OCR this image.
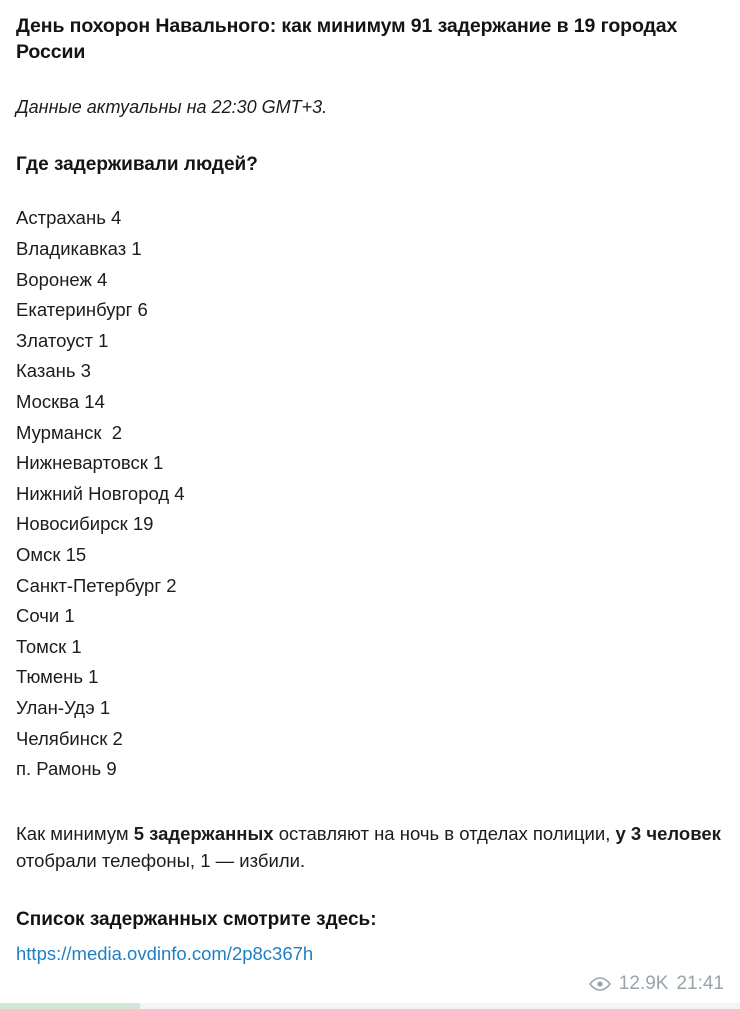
День похорон Навального: как минимум 91 задержание в 19 городах России
Данные актуальны на 22:30 GMT+3.
Где задерживали людей?
Астрахань 4
Владикавказ 1
Воронеж 4
Екатеринбург 6
Златоуст 1
Казань 3
Москва 14
Мурманск  2
Нижневартовск 1
Нижний Новгород 4
Новосибирск 19
Омск 15
Санкт-Петербург 2
Сочи 1
Томск 1
Тюмень 1
Улан-Удэ 1
Челябинск 2
п. Рамонь 9
Как минимум 5 задержанных оставляют на ночь в отделах полиции, у 3 человек отобрали телефоны, 1 — избили.
Список задержанных смотрите здесь:
https://media.ovdinfo.com/2p8c367h
12.9K 21:41
